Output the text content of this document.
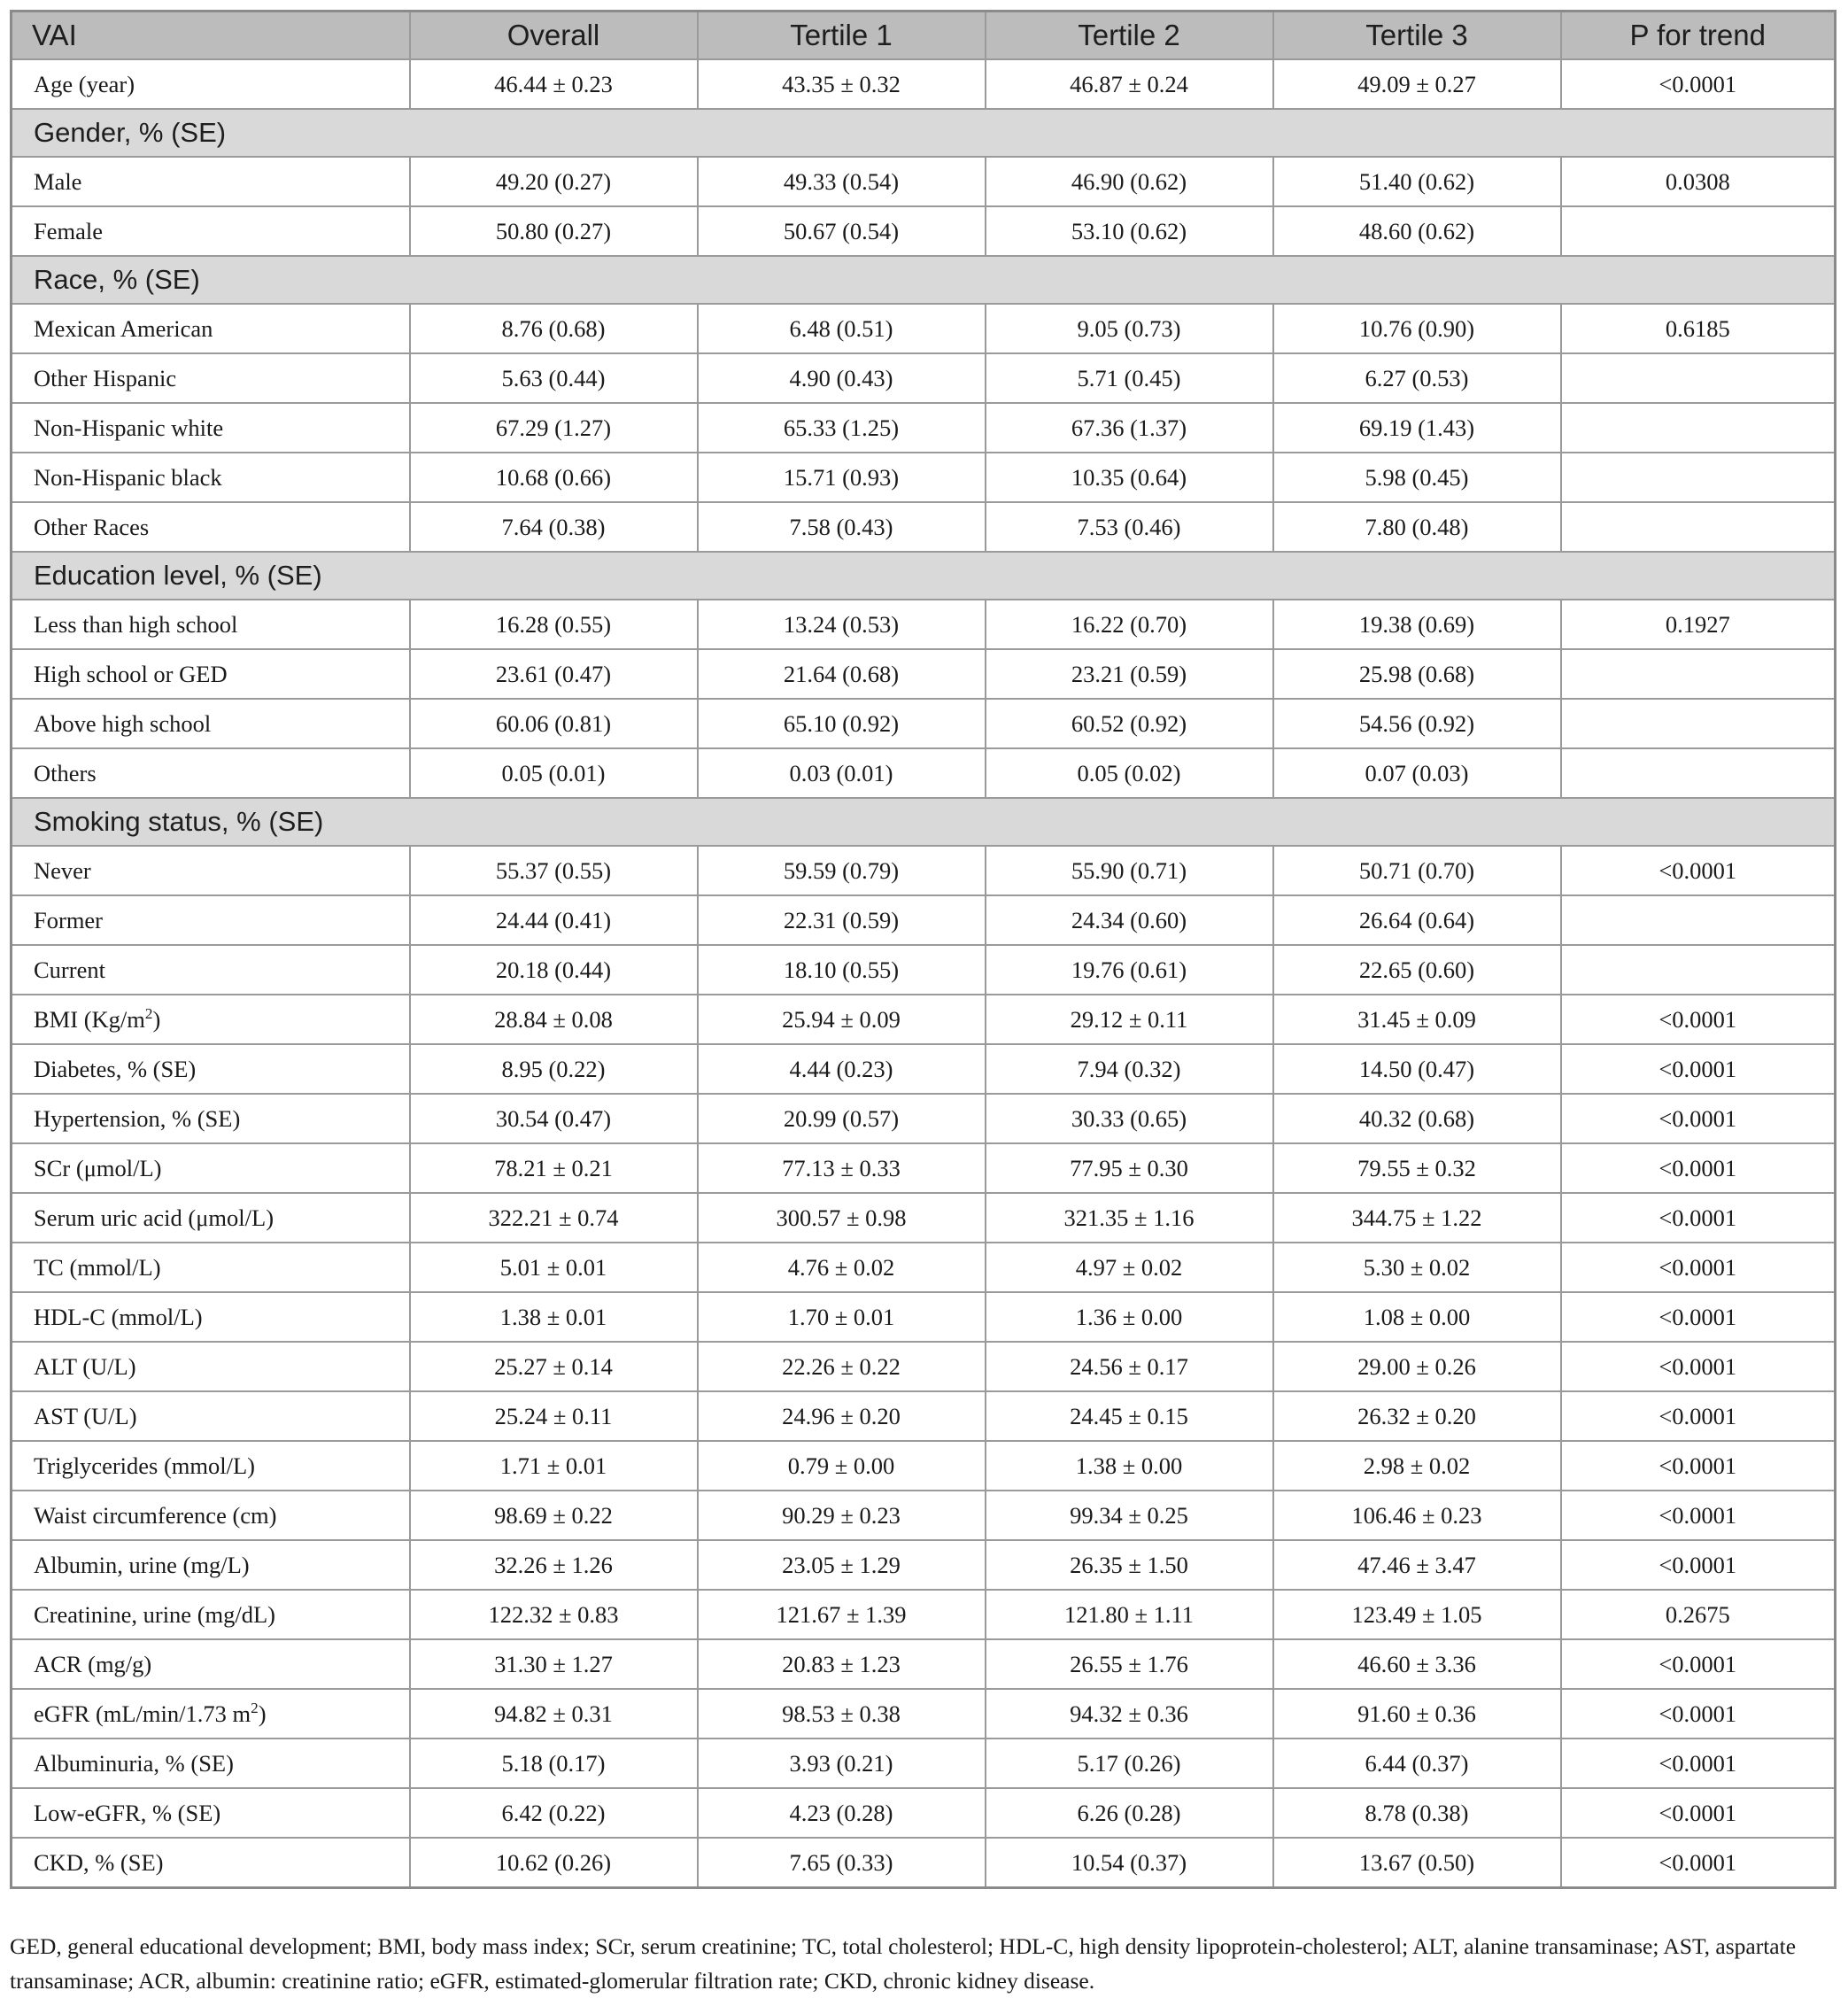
VAI	Overall	Tertile 1	Tertile 2	Tertile 3	P for trend
Age (year)	46.44 ± 0.23	43.35 ± 0.32	46.87 ± 0.24	49.09 ± 0.27	<0.0001
Gender, % (SE)					
Male	49.20 (0.27)	49.33 (0.54)	46.90 (0.62)	51.40 (0.62)	0.0308
Female	50.80 (0.27)	50.67 (0.54)	53.10 (0.62)	48.60 (0.62)	
Race, % (SE)					
Mexican American	8.76 (0.68)	6.48 (0.51)	9.05 (0.73)	10.76 (0.90)	0.6185
Other Hispanic	5.63 (0.44)	4.90 (0.43)	5.71 (0.45)	6.27 (0.53)	
Non-Hispanic white	67.29 (1.27)	65.33 (1.25)	67.36 (1.37)	69.19 (1.43)	
Non-Hispanic black	10.68 (0.66)	15.71 (0.93)	10.35 (0.64)	5.98 (0.45)	
Other Races	7.64 (0.38)	7.58 (0.43)	7.53 (0.46)	7.80 (0.48)	
Education level, % (SE)					
Less than high school	16.28 (0.55)	13.24 (0.53)	16.22 (0.70)	19.38 (0.69)	0.1927
High school or GED	23.61 (0.47)	21.64 (0.68)	23.21 (0.59)	25.98 (0.68)	
Above high school	60.06 (0.81)	65.10 (0.92)	60.52 (0.92)	54.56 (0.92)	
Others	0.05 (0.01)	0.03 (0.01)	0.05 (0.02)	0.07 (0.03)	
Smoking status, % (SE)					
Never	55.37 (0.55)	59.59 (0.79)	55.90 (0.71)	50.71 (0.70)	<0.0001
Former	24.44 (0.41)	22.31 (0.59)	24.34 (0.60)	26.64 (0.64)	
Current	20.18 (0.44)	18.10 (0.55)	19.76 (0.61)	22.65 (0.60)	
BMI $(Kg/m^2)$	28.84 ± 0.08	25.94 ± 0.09	29.12 ± 0.11	31.45 ± 0.09	<0.0001
Diabetes, % (SE)	8.95 (0.22)	4.44 (0.23)	7.94 (0.32)	14.50 (0.47)	<0.0001
Hypertension, % (SE)	30.54 (0.47)	20.99 (0.57)	30.33 (0.65)	40.32 (0.68)	<0.0001
SCr (μmol/L)	78.21 ± 0.21	77.13 ± 0.33	77.95 ± 0.30	79.55 ± 0.32	<0.0001
Serum uric acid (μmol/L)	322.21 ± 0.74	300.57 ± 0.98	321.35 ± 1.16	344.75 ± 1.22	<0.0001
TC (mmol/L)	5.01 ± 0.01	4.76 ± 0.02	4.97 ± 0.02	5.30 ± 0.02	<0.0001
HDL-C (mmol/L)	1.38 ± 0.01	1.70 ± 0.01	1.36 ± 0.00	1.08 ± 0.00	<0.0001
ALT (U/L)	25.27 ± 0.14	22.26 ± 0.22	24.56 ± 0.17	29.00 ± 0.26	<0.0001
AST (U/L)	25.24 ± 0.11	24.96 ± 0.20	24.45 ± 0.15	26.32 ± 0.20	<0.0001
Triglycerides (mmol/L)	1.71 ± 0.01	0.79 ± 0.00	1.38 ± 0.00	2.98 ± 0.02	<0.0001
Waist circumference (cm)	98.69 ± 0.22	90.29 ± 0.23	99.34 ± 0.25	106.46 ± 0.23	<0.0001
Albumin, urine (mg/L)	32.26 ± 1.26	23.05 ± 1.29	26.35 ± 1.50	47.46 ± 3.47	<0.0001
Creatinine, urine (mg/dL)	122.32 ± 0.83	121.67 ± 1.39	121.80 ± 1.11	123.49 ± 1.05	0.2675
ACR (mg/g)	31.30 ± 1.27	20.83 ± 1.23	26.55 ± 1.76	46.60 ± 3.36	<0.0001
eGFR (mL/min/1.73 $m^2$)	94.82 ± 0.31	98.53 ± 0.38	94.32 ± 0.36	91.60 ± 0.36	<0.0001
Albuminuria, % (SE)	5.18 (0.17)	3.93 (0.21)	5.17 (0.26)	6.44 (0.37)	<0.0001
Low-eGFR, % (SE)	6.42 (0.22)	4.23 (0.28)	6.26 (0.28)	8.78 (0.38)	<0.0001
CKD, % (SE)	10.62 (0.26)	7.65 (0.33)	10.54 (0.37)	13.67 (0.50)	<0.0001
GED, general educational development; BMI, body mass index; SCr, serum creatinine; TC, total cholesterol; HDL-C, high density lipoprotein-cholesterol; ALT, alanine transaminase; AST, aspartate transaminase; ACR, albumin: creatinine ratio; eGFR, estimated-glomerular filtration rate; CKD, chronic kidney disease.
